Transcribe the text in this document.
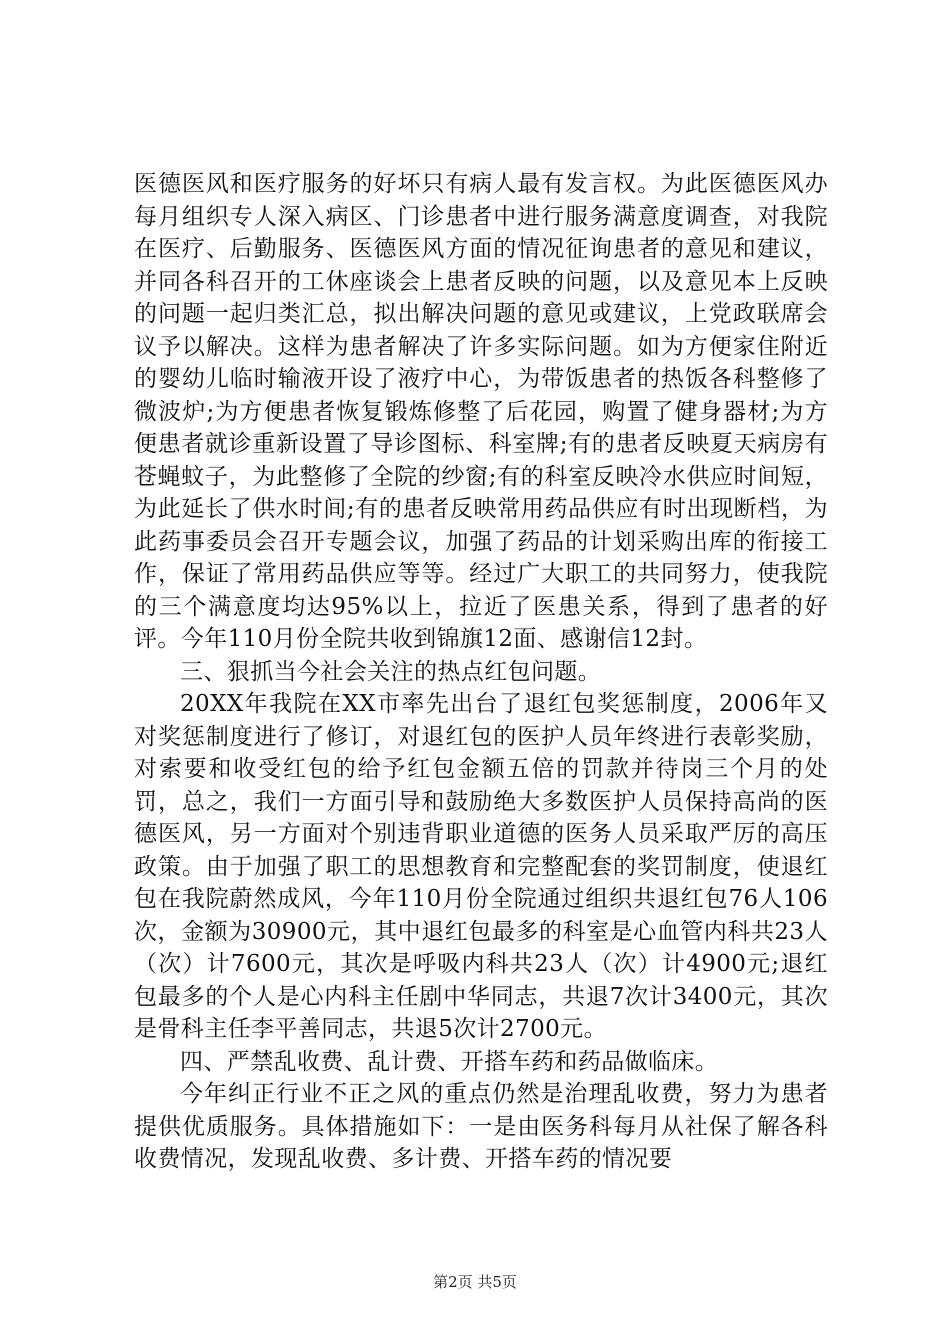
医德医风和医疗服务的好坏只有病人最有发言权。为此医德医风办每月组织专人深入病区、门诊患者中进行服务满意度调查，对我院在医疗、后勤服务、医德医风方面的情况征询患者的意见和建议，并同各科召开的工休座谈会上患者反映的问题，以及意见本上反映的问题一起归类汇总，拟出解决问题的意见或建议，上党政联席会议予以解决。这样为患者解决了许多实际问题。如为方便家住附近的婴幼儿临时输液开设了液疗中心，为带饭患者的热饭各科整修了微波炉;为方便患者恢复锻炼修整了后花园，购置了健身器材;为方便患者就诊重新设置了导诊图标、科室牌;有的患者反映夏天病房有苍蝇蚊子，为此整修了全院的纱窗;有的科室反映冷水供应时间短，为此延长了供水时间;有的患者反映常用药品供应有时出现断档，为此药事委员会召开专题会议，加强了药品的计划采购出库的衔接工作，保证了常用药品供应等等。经过广大职工的共同努力，使我院的三个满意度均达95%以上，拉近了医患关系，得到了患者的好评。今年110月份全院共收到锦旗12面、感谢信12封。

三、狠抓当今社会关注的热点红包问题。

20XX年我院在XX市率先出台了退红包奖惩制度，2006年又对奖惩制度进行了修订，对退红包的医护人员年终进行表彰奖励，对索要和收受红包的给予红包金额五倍的罚款并待岗三个月的处罚，总之，我们一方面引导和鼓励绝大多数医护人员保持高尚的医德医风，另一方面对个别违背职业道德的医务人员采取严厉的高压政策。由于加强了职工的思想教育和完整配套的奖罚制度，使退红包在我院蔚然成风，今年110月份全院通过组织共退红包76人106次，金额为30900元，其中退红包最多的科室是心血管内科共23人（次）计7600元，其次是呼吸内科共23人（次）计4900元;退红包最多的个人是心内科主任剧中华同志，共退7次计3400元，其次是骨科主任李平善同志，共退5次计2700元。

四、严禁乱收费、乱计费、开搭车药和药品做临床。

今年纠正行业不正之风的重点仍然是治理乱收费，努力为患者提供优质服务。具体措施如下：一是由医务科每月从社保了解各科收费情况，发现乱收费、多计费、开搭车药的情况要

第2页 共5页
